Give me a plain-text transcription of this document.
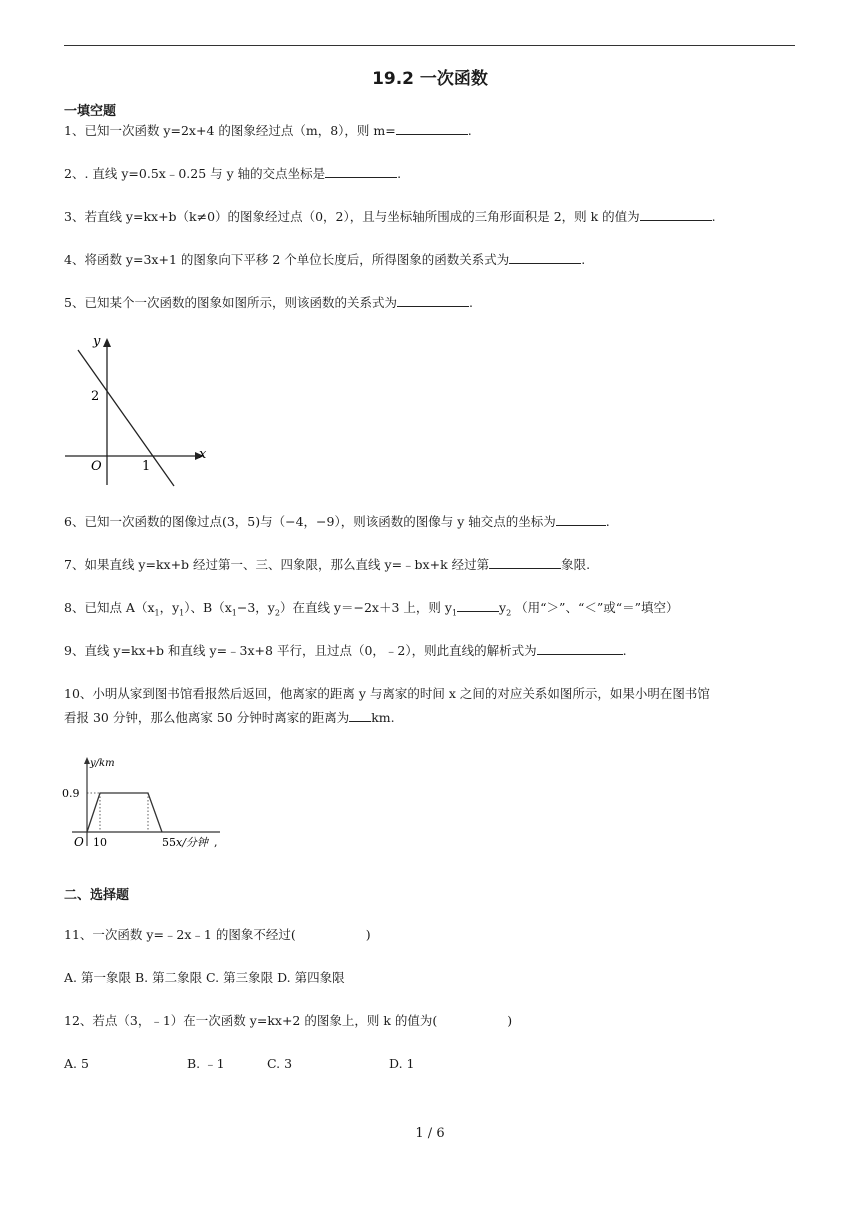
19.2 一次函数
一填空题
1、已知一次函数 y=2x+4 的图象经过点（m，8），则 m=	.
2、. 直线 y=0.5x﹣0.25 与 y 轴的交点坐标是	.
3、若直线 y=kx+b（k≠0）的图象经过点（0，2），且与坐标轴所围成的三角形面积是 2，则 k 的值为	.
4、将函数 y=3x+1 的图象向下平移 2 个单位长度后，所得图象的函数关系式为	.
5、已知某个一次函数的图象如图所示，则该函数的关系式为	.
y
x
O
2
1
6、已知一次函数的图像过点(3，5)与（−4，−9），则该函数的图像与 y 轴交点的坐标为	.
7、如果直线 y=kx+b 经过第一、三、四象限，那么直线 y=﹣bx+k 经过第	象限.
8、已知点 $A(x_1$，$y_1$）、$B(x_1-3$，$y_2$）在直线 y＝−2x＋3 上，则 $y_1$	$y_2$ （用“＞”、“＜”或“＝”填空）
9、直线 y=kx+b 和直线 y=﹣3x+8 平行，且过点（0，﹣2），则此直线的解析式为	.
10、小明从家到图书馆看报然后返回，他离家的距离 y 与离家的时间 x 之间的对应关系如图所示，如果小明在图书馆
看报 30 分钟，那么他离家 50 分钟时离家的距离为 km.
y/km
0.9
O 10	55 x/分钟 ,
二、选择题
11、一次函数 y=﹣2x﹣1 的图象不经过(	)
A. 第一象限 B. 第二象限 C. 第三象限 D. 第四象限
12、若点（3，﹣1）在一次函数 y=kx+2 的图象上，则 k 的值为(	)
A. 5	B. ﹣1	C. 3	D. 1
1 / 6
